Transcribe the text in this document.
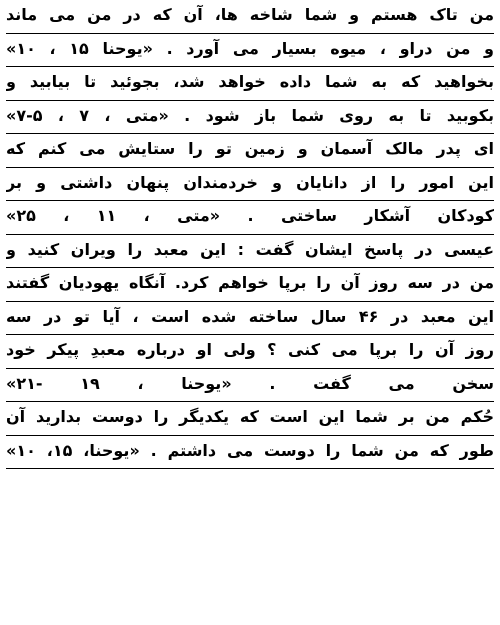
من تاک هستم و شما شاخه ها، آن که در من می ماند
و من دراو ، میوه بسیار می آورد . «یوحنا ۱۵ ، ۱۰»
بخواهید که به شما داده خواهد شد، بجوئید تا بیابید و
بکوبید تا به روی شما باز شود . «متی ، ۷ ، ۵-۷»
ای پدر مالک آسمان و زمین تو را ستایش می کنم که
این امور را از دانایان و خردمندان پنهان داشتی و بر
کودکان آشکار ساختی . «متی ، ۱۱ ، ۲۵»
عیسی در پاسخ ایشان گفت : این معبد را ویران کنید و
من در سه روز آن را برپا خواهم کرد. آنگاه یهودیان گفتند
این معبد در ۴۶ سال ساخته شده است ، آیا تو در سه
روز آن را برپا می کنی ؟ ولی او درباره معبدِ پیکر خود
سخن می گفت . «یوحنا ، ۱۹ -۲۱»
حُکم من بر شما این است که یکدیگر را دوست بدارید آن
طور که من شما را دوست می داشتم . «یوحنا، ۱۵، ۱۰»
